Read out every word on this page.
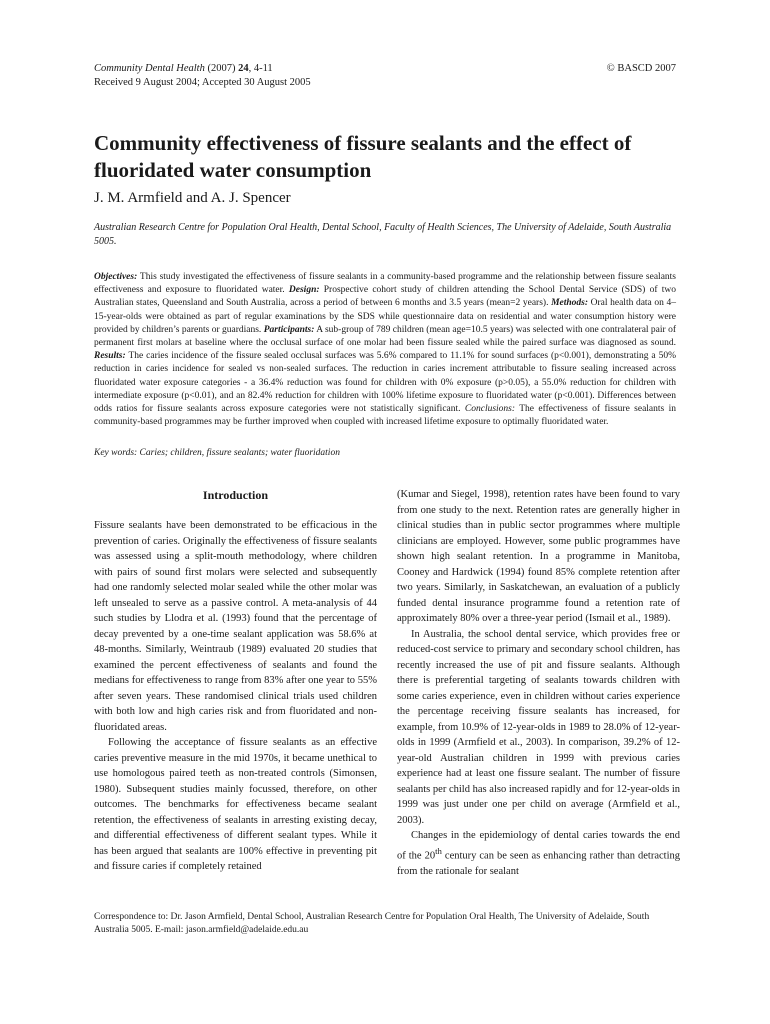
Community Dental Health (2007) 24, 4-11
Received 9 August 2004; Accepted 30 August 2005
© BASCD 2007
Community effectiveness of fissure sealants and the effect of fluoridated water consumption

J. M. Armfield and A. J. Spencer

Australian Research Centre for Population Oral Health, Dental School, Faculty of Health Sciences, The University of Adelaide, South Australia 5005.

Objectives: This study investigated the effectiveness of fissure sealants in a community-based programme and the relationship between fissure sealants effectiveness and exposure to fluoridated water. Design: Prospective cohort study of children attending the School Dental Service (SDS) of two Australian states, Queensland and South Australia, across a period of between 6 months and 3.5 years (mean=2 years). Methods: Oral health data on 4–15-year-olds were obtained as part of regular examinations by the SDS while questionnaire data on residential and water consumption history were provided by children’s parents or guardians. Participants: A sub-group of 789 children (mean age=10.5 years) was selected with one contralateral pair of permanent first molars at baseline where the occlusal surface of one molar had been fissure sealed while the paired surface was diagnosed as sound. Results: The caries incidence of the fissure sealed occlusal surfaces was 5.6% compared to 11.1% for sound surfaces (p<0.001), demonstrating a 50% reduction in caries incidence for sealed vs non-sealed surfaces. The reduction in caries increment attributable to fissure sealing increased across fluoridated water exposure categories - a 36.4% reduction was found for children with 0% exposure (p>0.05), a 55.0% reduction for children with intermediate exposure (p<0.01), and an 82.4% reduction for children with 100% lifetime exposure to fluoridated water (p<0.001). Differences between odds ratios for fissure sealants across exposure categories were not statistically significant. Conclusions: The effectiveness of fissure sealants in community-based programmes may be further improved when coupled with increased lifetime exposure to optimally fluoridated water.

Key words: Caries; children, fissure sealants; water fluoridation

Introduction

Fissure sealants have been demonstrated to be efficacious in the prevention of caries. Originally the effectiveness of fissure sealants was assessed using a split-mouth methodology, where children with pairs of sound first molars were selected and subsequently had one randomly selected molar sealed while the other molar was left unsealed to serve as a passive control. A meta-analysis of 44 such studies by Llodra et al. (1993) found that the percentage of decay prevented by a one-time sealant application was 58.6% at 48-months. Similarly, Weintraub (1989) evaluated 20 studies that examined the percent effectiveness of sealants and found the medians for effectiveness to range from 83% after one year to 55% after seven years. These randomised clinical trials used children with both low and high caries risk and from fluoridated and non-fluoridated areas.

Following the acceptance of fissure sealants as an effective caries preventive measure in the mid 1970s, it became unethical to use homologous paired teeth as non-treated controls (Simonsen, 1980). Subsequent studies mainly focussed, therefore, on other outcomes. The benchmarks for effectiveness became sealant retention, the effectiveness of sealants in arresting existing decay, and differential effectiveness of different sealant types. While it has been argued that sealants are 100% effective in preventing pit and fissure caries if completely retained

(Kumar and Siegel, 1998), retention rates have been found to vary from one study to the next. Retention rates are generally higher in clinical studies than in public sector programmes where multiple clinicians are employed. However, some public programmes have shown high sealant retention. In a programme in Manitoba, Cooney and Hardwick (1994) found 85% complete retention after two years. Similarly, in Saskatchewan, an evaluation of a publicly funded dental insurance programme found a retention rate of approximately 80% over a three-year period (Ismail et al., 1989).

In Australia, the school dental service, which provides free or reduced-cost service to primary and secondary school children, has recently increased the use of pit and fissure sealants. Although there is preferential targeting of sealants towards children with some caries experience, even in children without caries experience the percentage receiving fissure sealants has increased, for example, from 10.9% of 12-year-olds in 1989 to 28.0% of 12-year-olds in 1999 (Armfield et al., 2003). In comparison, 39.2% of 12-year-old Australian children in 1999 with previous caries experience had at least one fissure sealant. The number of fissure sealants per child has also increased rapidly and for 12-year-olds in 1999 was just under one per child on average (Armfield et al., 2003).

Changes in the epidemiology of dental caries towards the end of the 20th century can be seen as enhancing rather than detracting from the rationale for sealant

Correspondence to: Dr. Jason Armfield, Dental School, Australian Research Centre for Population Oral Health, The University of Adelaide, South Australia 5005. E-mail: jason.armfield@adelaide.edu.au
